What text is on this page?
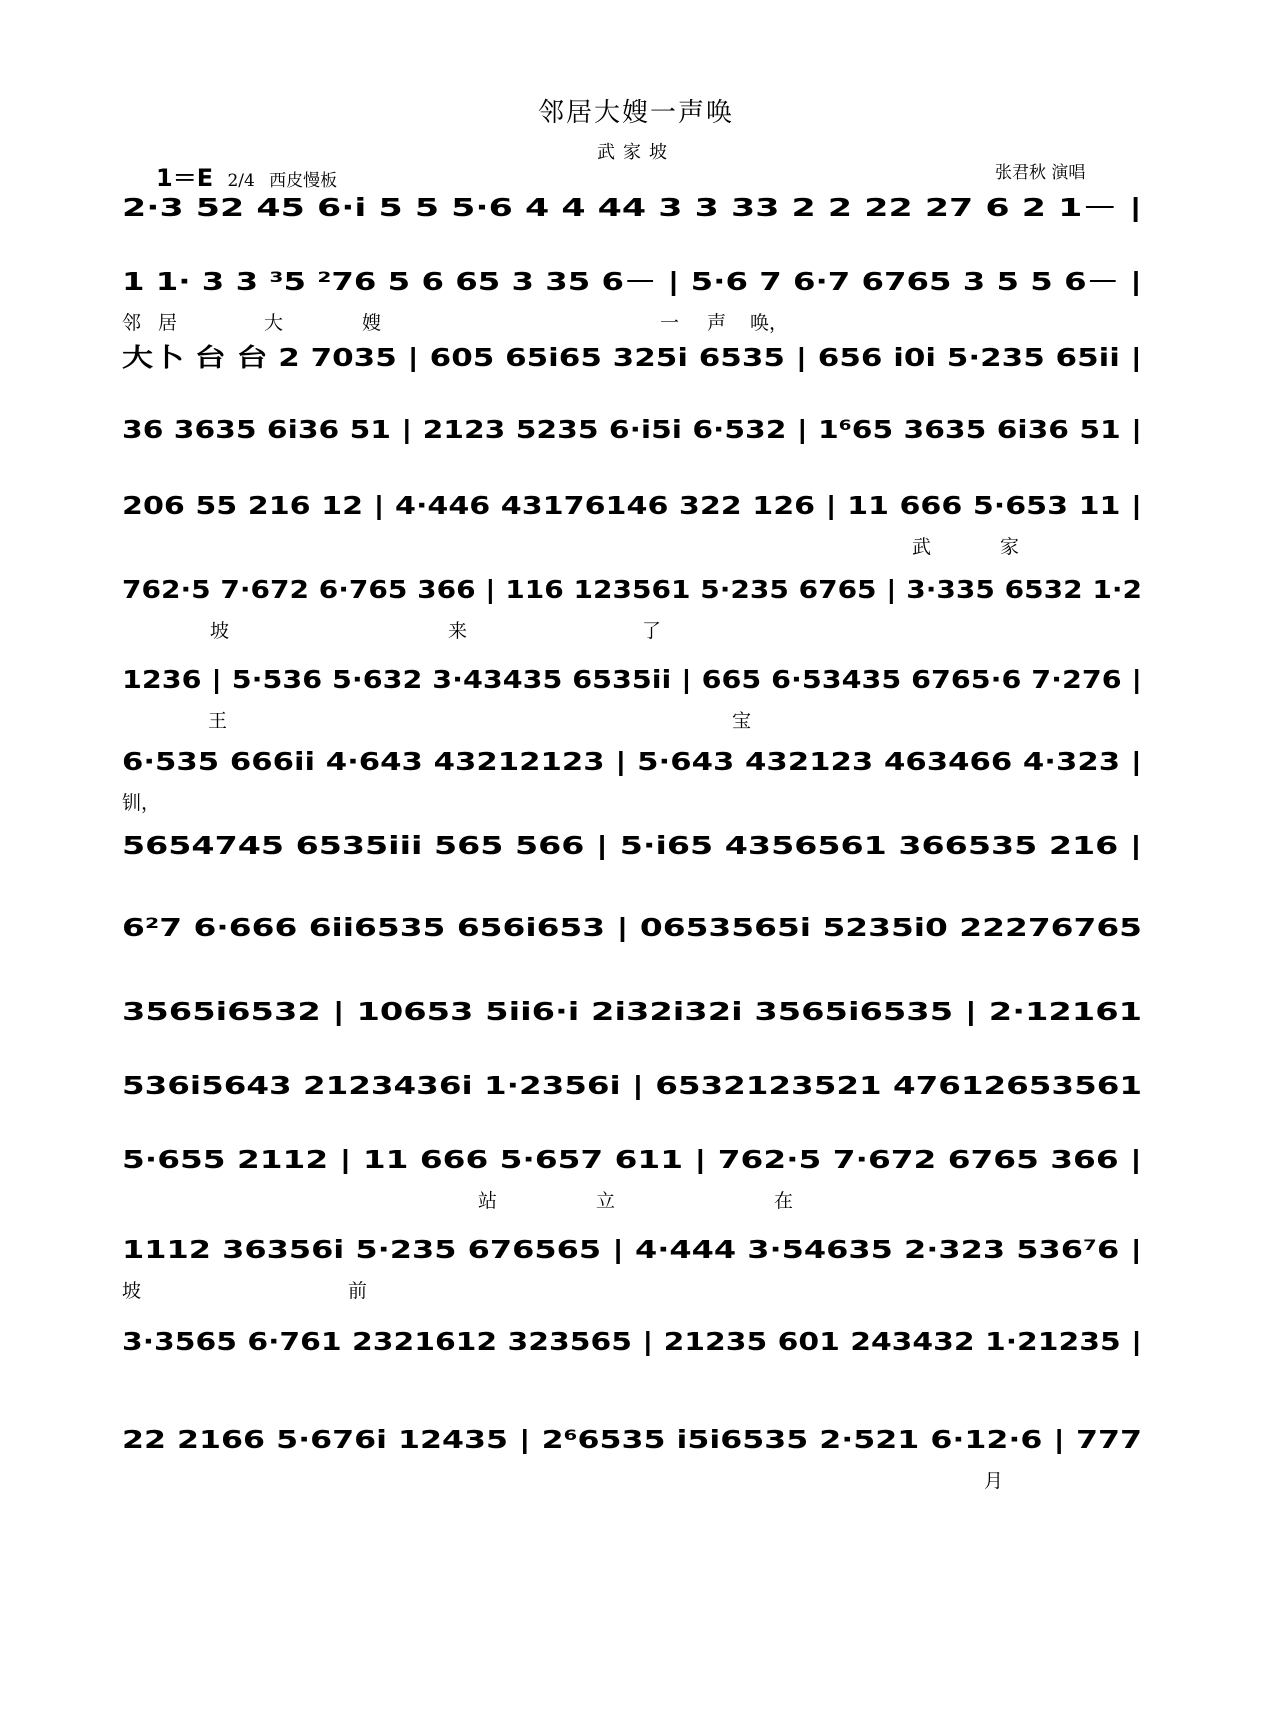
邻居大嫂一声唤
武家坡
1＝E 2/4 西皮慢板	张君秋 演唱
2·3 52 45 6·i 5 5 5·6 4 4 44 3 3 33 2 2 22 27 6 2 1－ |
1 1· 3 3 ³5 ²76 5 6 65 3 35 6－ | 5·6 7 6·7 6765 3 5 5 6－ |
邻 居	大	嫂	一 声 唤，
大卜 台 台 2 7035 | 605 65i65 325i 6535 | 656 i0i 5·235 65ii |
36 3635 6i36 51 | 2123 5235 6·i5i 6·532 | 1⁶65 3635 6i36 51 |
206 55 216 12 | 4·446 43176146 322 126 | 11 666 5·653 11 |
武	家
762·5 7·672 6·765 366 | 116 123561 5·235 6765 | 3·335 6532 1·2
坡	来	了
1236 | 5·536 5·632 3·43435 6535ii | 665 6·53435 6765·6 7·276 |
王	宝
6·535 666ii 4·643 43212123 | 5·643 432123 463466 4·323 |
钏，
5654745 6535iii 565 566 | 5·i65 4356561 366535 216 |
6²7 6·666 6ii6535 656i653 | 0653565i 5235i0 22276765
3565i6532 | 10653 5ii6·i 2i32i32i 3565i6535 | 2·12161
536i5643 2123436i 1·2356i | 6532123521 47612653561
5·655 2112 | 11 666 5·657 611 | 762·5 7·672 6765 366 |
站	立	在
1112 36356i 5·235 676565 | 4·444 3·54635 2·323 536⁷6 |
坡	前
3·3565 6·761 2321612 323565 | 21235 601 243432 1·21235 |
22 2166 5·676i 12435 | 2⁶6535 i5i6535 2·521 6·12·6 | 777
月
